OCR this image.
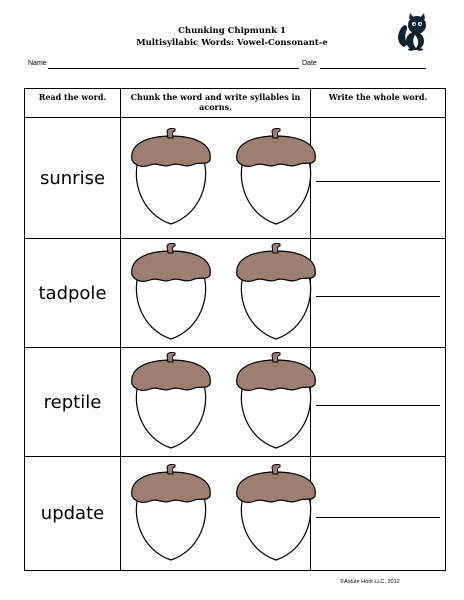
Chunking Chipmunk 1
Multisyllabic Words: Vowel-Consonant-e
Name	Date
Read the word.	Chunk the word and write syllables in acorns.	Write the whole word.
sunrise	

tadpole	

reptile	

update	

©Astute Hoot LLC, 2012
